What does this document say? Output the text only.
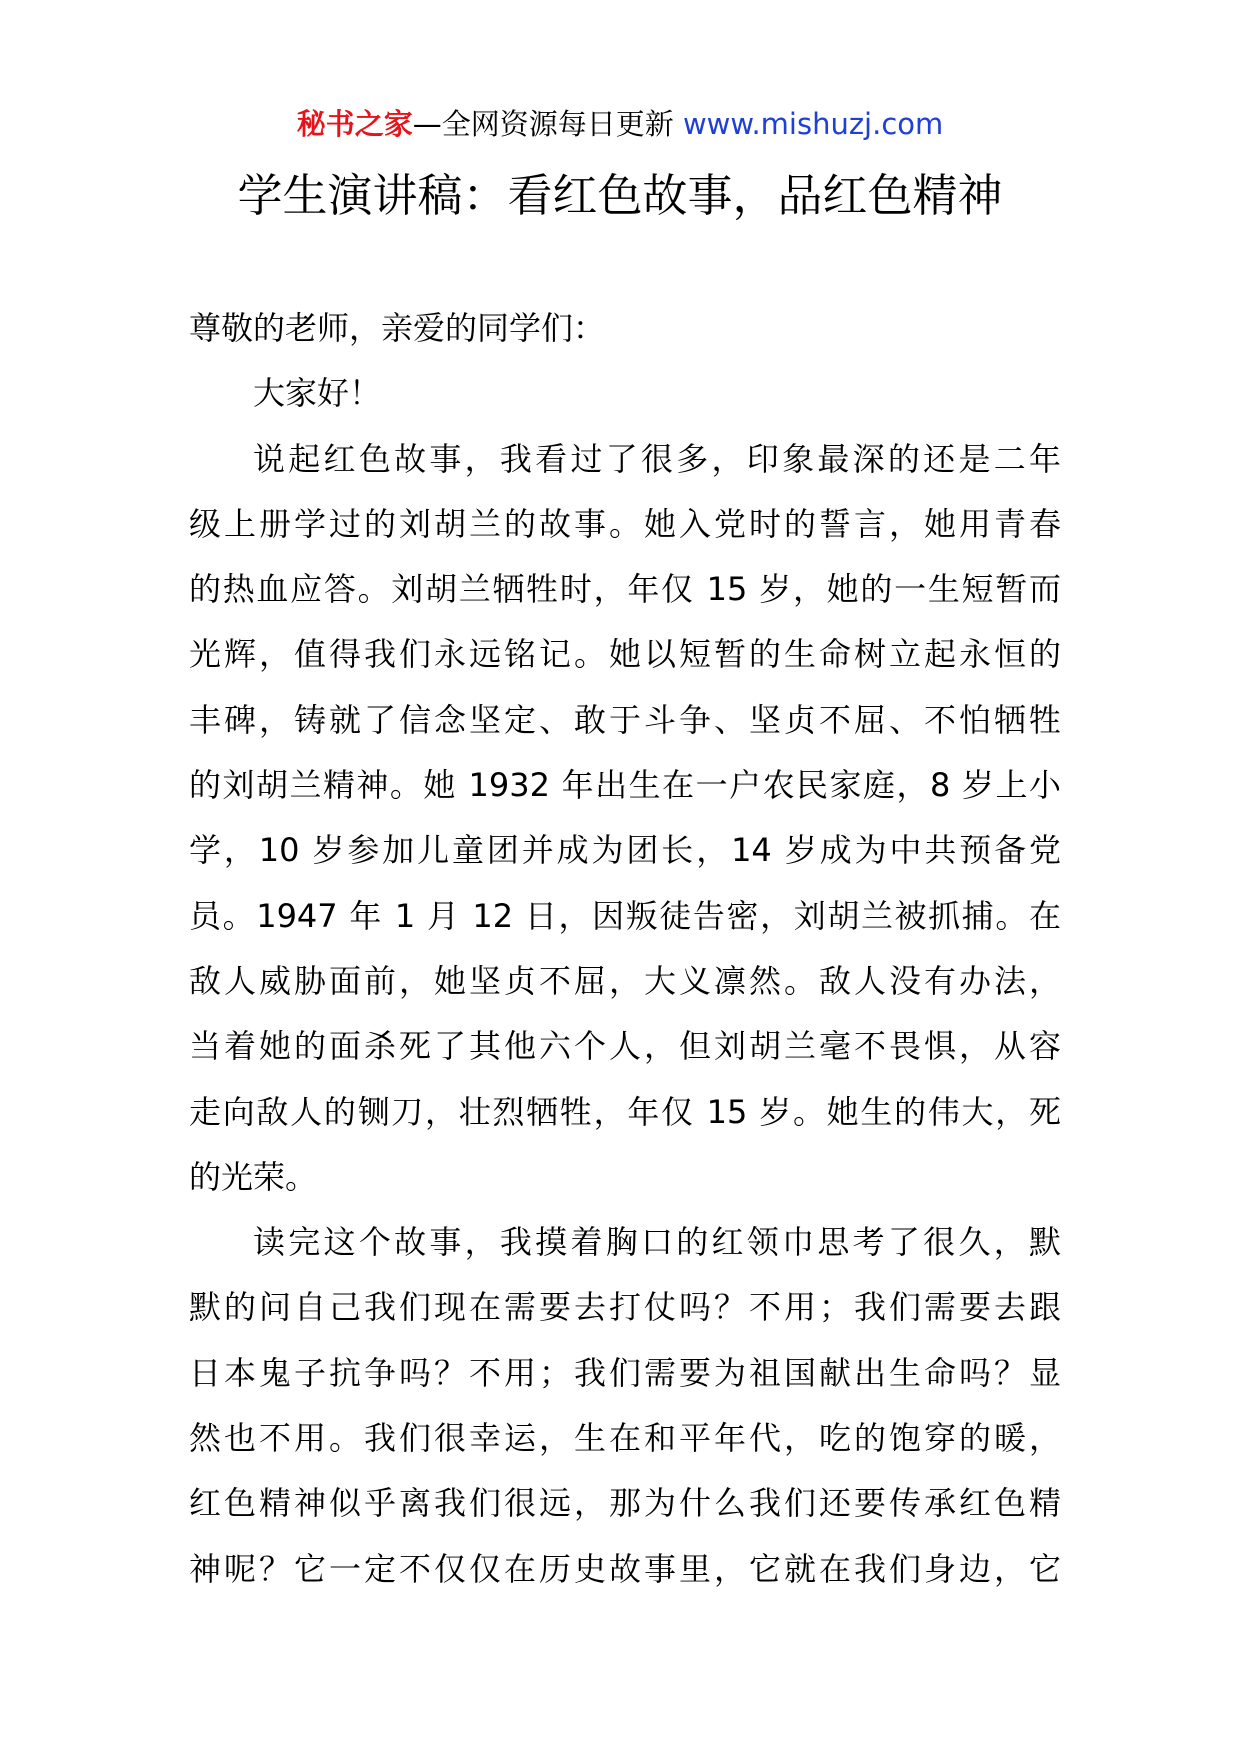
秘书之家—全网资源每日更新 www.mishuzj.com
学生演讲稿：看红色故事，品红色精神
尊敬的老师，亲爱的同学们：
大家好！
说起红色故事，我看过了很多，印象最深的还是二年
级上册学过的刘胡兰的故事。她入党时的誓言，她用青春
的热血应答。刘胡兰牺牲时，年仅 15 岁，她的一生短暂而
光辉，值得我们永远铭记。她以短暂的生命树立起永恒的
丰碑，铸就了信念坚定、敢于斗争、坚贞不屈、不怕牺牲
的刘胡兰精神。她 1932 年出生在一户农民家庭，8 岁上小
学，10 岁参加儿童团并成为团长，14 岁成为中共预备党
员。1947 年 1 月 12 日，因叛徒告密，刘胡兰被抓捕。在
敌人威胁面前，她坚贞不屈，大义凛然。敌人没有办法，
当着她的面杀死了其他六个人，但刘胡兰毫不畏惧，从容
走向敌人的铡刀，壮烈牺牲，年仅 15 岁。她生的伟大，死
的光荣。
读完这个故事，我摸着胸口的红领巾思考了很久，默
默的问自己我们现在需要去打仗吗？不用；我们需要去跟
日本鬼子抗争吗？不用；我们需要为祖国献出生命吗？显
然也不用。我们很幸运，生在和平年代，吃的饱穿的暖，
红色精神似乎离我们很远，那为什么我们还要传承红色精
神呢？它一定不仅仅在历史故事里，它就在我们身边，它
